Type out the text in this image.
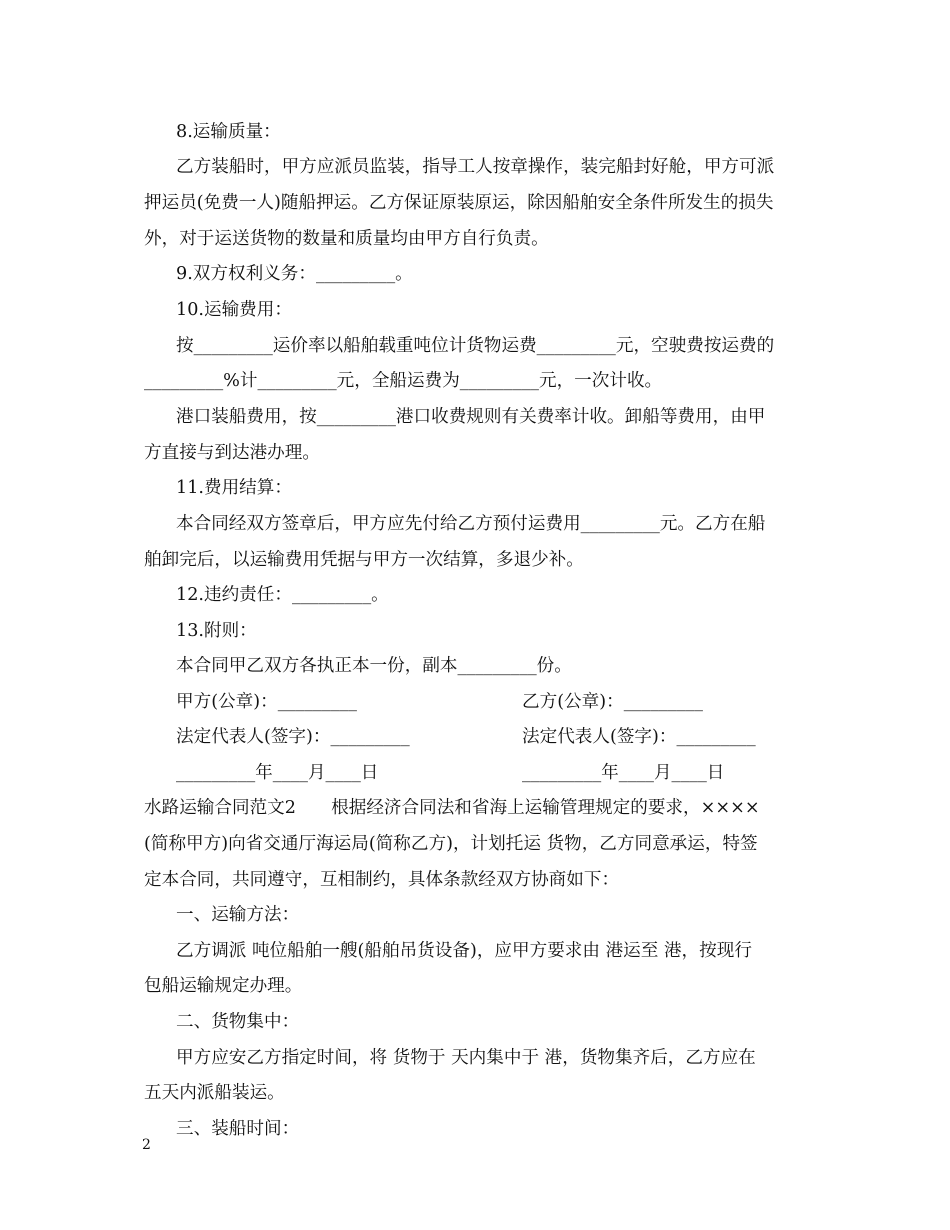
8.运输质量：
乙方装船时，甲方应派员监装，指导工人按章操作，装完船封好舱，甲方可派
押运员(免费一人)随船押运。乙方保证原装原运，除因船舶安全条件所发生的损失
外，对于运送货物的数量和质量均由甲方自行负责。
9.双方权利义务：_________。
10.运输费用：
按_________运价率以船舶载重吨位计货物运费_________元，空驶费按运费的
_________%计_________元，全船运费为_________元，一次计收。
港口装船费用，按_________港口收费规则有关费率计收。卸船等费用，由甲
方直接与到达港办理。
11.费用结算：
本合同经双方签章后，甲方应先付给乙方预付运费用_________元。乙方在船
舶卸完后，以运输费用凭据与甲方一次结算，多退少补。
12.违约责任：_________。
13.附则：
本合同甲乙双方各执正本一份，副本_________份。
甲方(公章)：_________	乙方(公章)：_________
法定代表人(签字)：_________	法定代表人(签字)：_________
_________年____月____日	_________年____月____日
水路运输合同范文2　　根据经济合同法和省海上运输管理规定的要求，××××
(简称甲方)向省交通厅海运局(简称乙方)，计划托运 货物，乙方同意承运，特签
定本合同，共同遵守，互相制约，具体条款经双方协商如下：
一、运输方法：
乙方调派 吨位船舶一艘(船舶吊货设备)，应甲方要求由 港运至 港，按现行
包船运输规定办理。
二、货物集中：
甲方应安乙方指定时间，将 货物于 天内集中于 港，货物集齐后，乙方应在
五天内派船装运。
三、装船时间：
2
